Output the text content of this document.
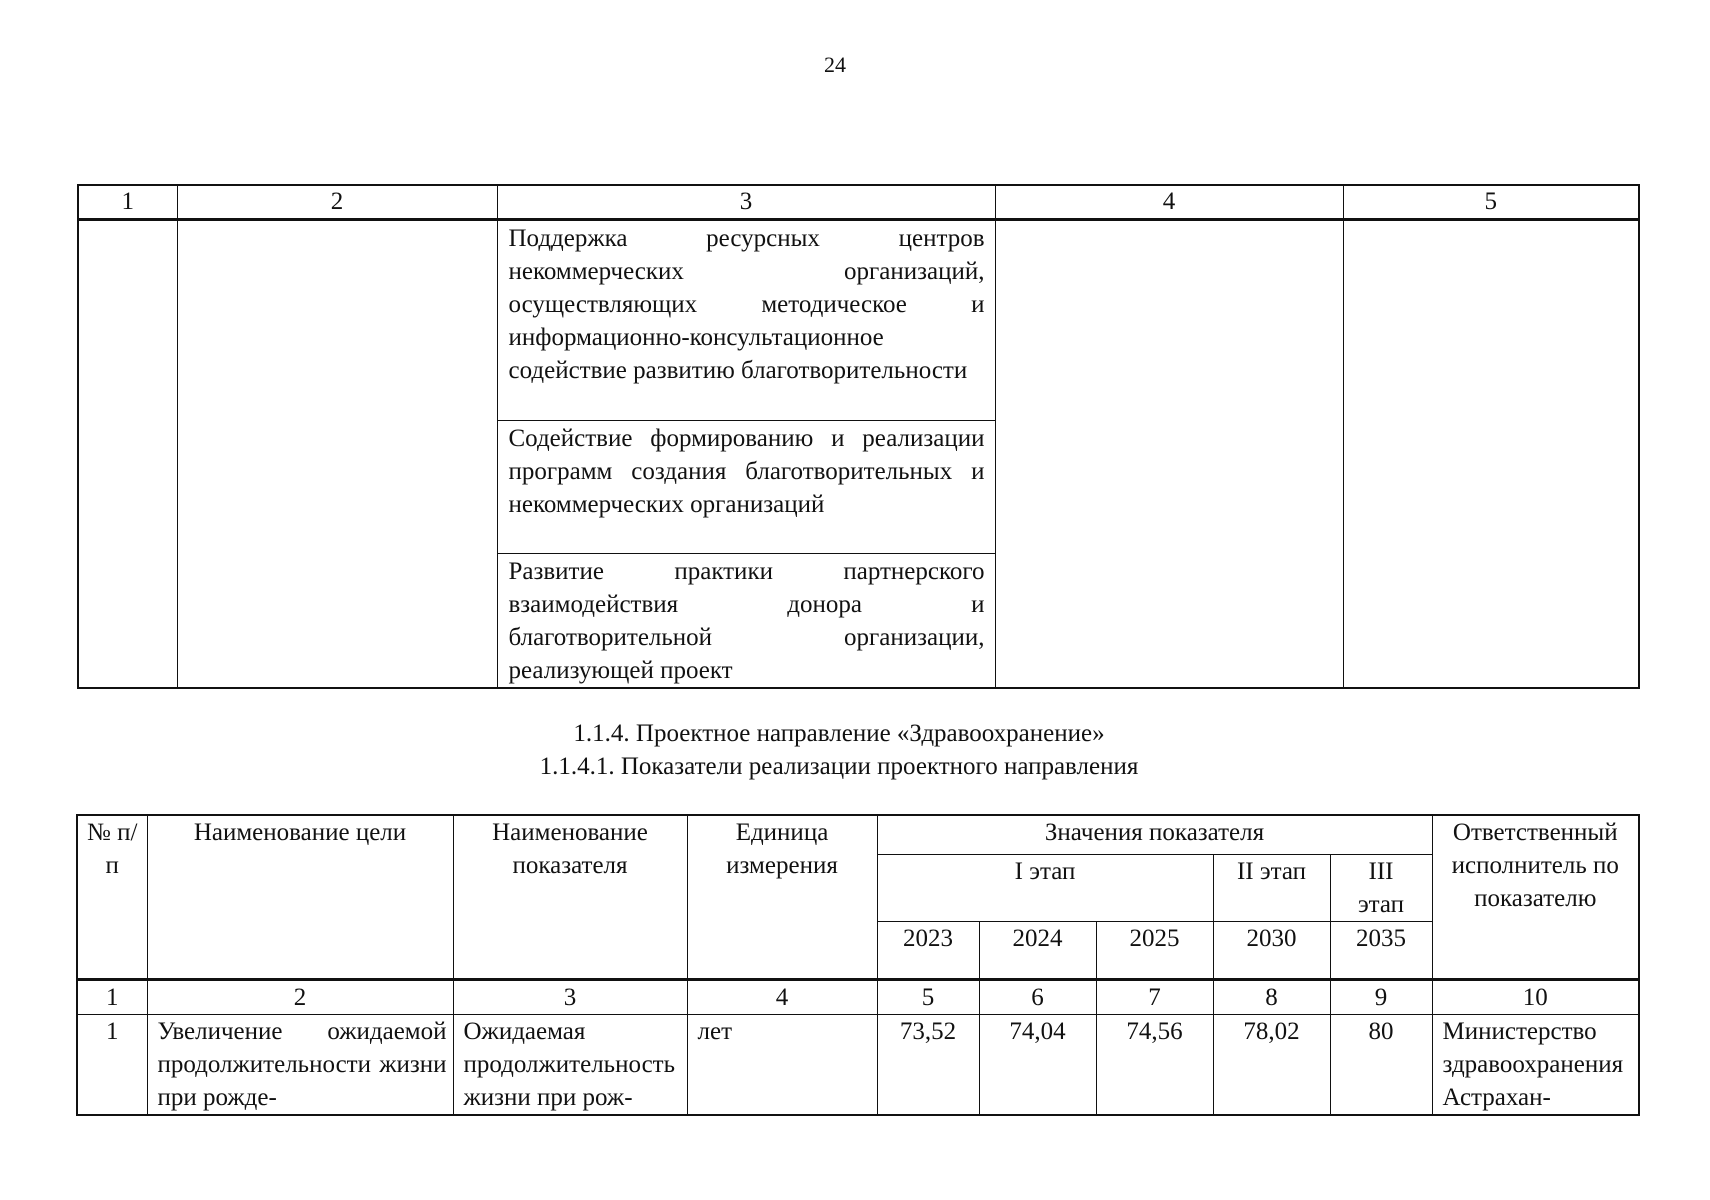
24
1	2	3	4	5
		Поддержка ресурсных центров некоммерческих организаций, осуществляющих методическое и информационно-консультационное содействие развитию благотворительности		
		Содействие формированию и реализации программ создания благотворительных и некоммерческих организаций		
		Развитие практики партнерского взаимодействия донора и благотворительной организации, реализующей проект		
1.1.4. Проектное направление «Здравоохранение»
1.1.4.1. Показатели реализации проектного направления
№ п/п	Наименование цели	Наименование показателя	Единица измерения	Значения показателя					Ответственный исполнитель по показателю
				I этап			II этап	III этап	
				2023	2024	2025	2030	2035	
1	2	3	4	5	6	7	8	9	10
1	Увеличение ожидаемой продолжительности жизни при рожде-	Ожидаемая продолжительность жизни при рож-	лет	73,52	74,04	74,56	78,02	80	Министерство здравоохранения Астрахан-
